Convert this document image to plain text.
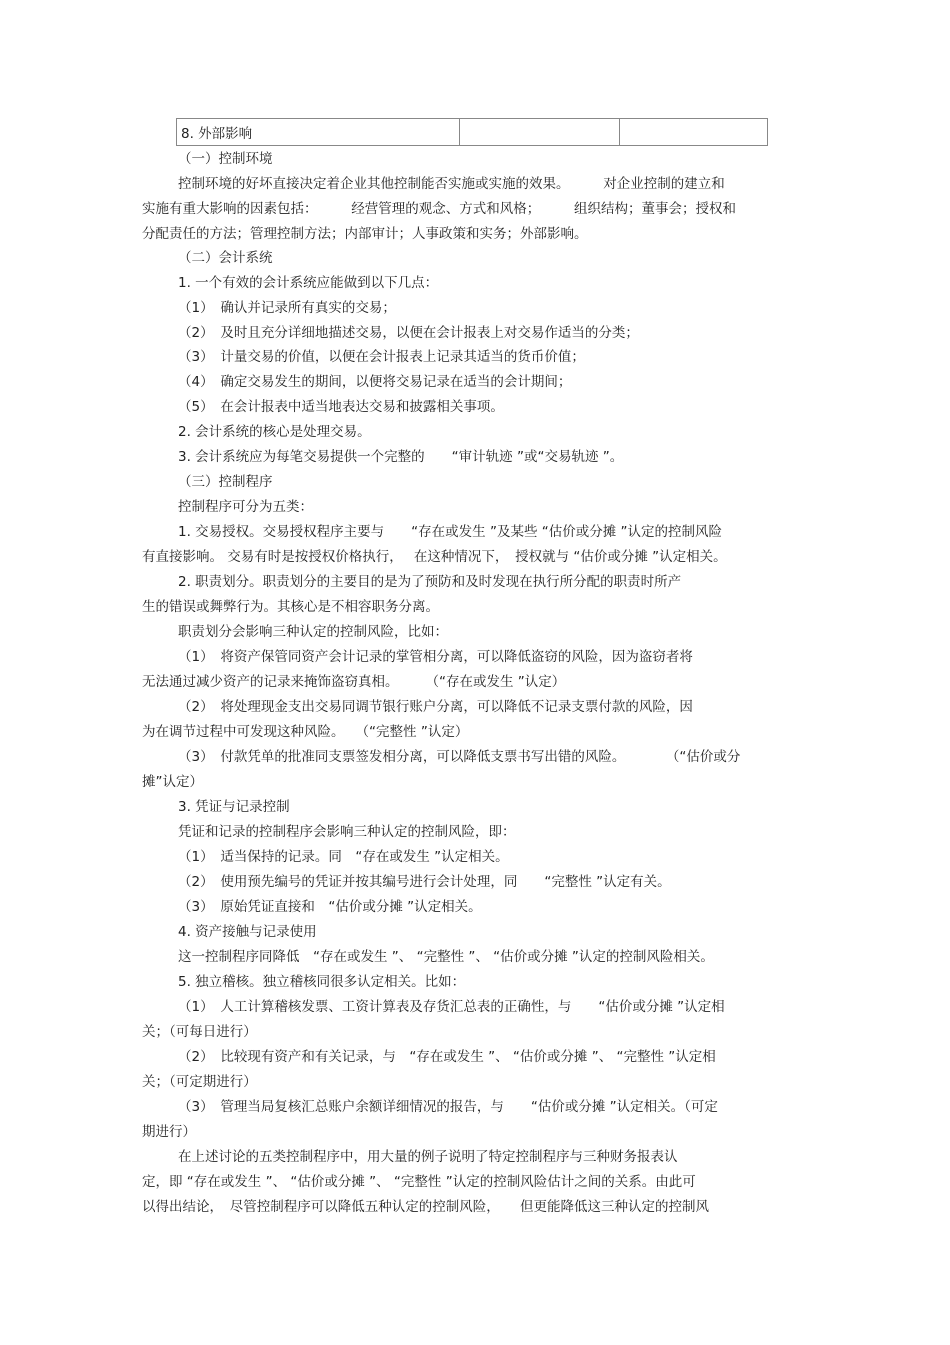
8. 外部影响		
（一）控制环境
控制环境的好坏直接决定着企业其他控制能否实施或实施的效果。　　　对企业控制的建立和
实施有重大影响的因素包括：　　　经营管理的观念、方式和风格；　　　组织结构；董事会；授权和
分配责任的方法；管理控制方法；内部审计；人事政策和实务；外部影响。
（二）会计系统
1. 一个有效的会计系统应能做到以下几点：
（1）　确认并记录所有真实的交易；
（2）　及时且充分详细地描述交易，以便在会计报表上对交易作适当的分类；
（3）　计量交易的价值，以便在会计报表上记录其适当的货币价值；
（4）　确定交易发生的期间，以便将交易记录在适当的会计期间；
（5）　在会计报表中适当地表达交易和披露相关事项。
2. 会计系统的核心是处理交易。
3. 会计系统应为每笔交易提供一个完整的　　“审计轨迹 ”或“交易轨迹 ”。
（三）控制程序
控制程序可分为五类：
1. 交易授权。交易授权程序主要与　　“存在或发生 ”及某些 “估价或分摊 ”认定的控制风险
有直接影响。 交易有时是按授权价格执行，　 在这种情况下，　授权就与 “估价或分摊 ”认定相关。
2. 职责划分。职责划分的主要目的是为了预防和及时发现在执行所分配的职责时所产
生的错误或舞弊行为。其核心是不相容职务分离。
职责划分会影响三种认定的控制风险，比如：
（1）　将资产保管同资产会计记录的掌管相分离，可以降低盗窃的风险，因为盗窃者将
无法通过减少资产的记录来掩饰盗窃真相。　　　（“存在或发生 ”认定）
（2）　将处理现金支出交易同调节银行账户分离，可以降低不记录支票付款的风险，因
为在调节过程中可发现这种风险。　 （“完整性 ”认定）
（3）　付款凭单的批准同支票签发相分离，可以降低支票书写出错的风险。　　　　（“估价或分
摊”认定）
3. 凭证与记录控制
凭证和记录的控制程序会影响三种认定的控制风险，即：
（1）　适当保持的记录。同　“存在或发生 ”认定相关。
（2）　使用预先编号的凭证并按其编号进行会计处理，同　　“完整性 ”认定有关。
（3）　原始凭证直接和　“估价或分摊 ”认定相关。
4. 资产接触与记录使用
这一控制程序同降低　“存在或发生 ”、 “完整性 ”、 “估价或分摊 ”认定的控制风险相关。
5. 独立稽核。独立稽核同很多认定相关。比如：
（1）　人工计算稽核发票、工资计算表及存货汇总表的正确性，与　　“估价或分摊 ”认定相
关；（可每日进行）
（2）　比较现有资产和有关记录，与　“存在或发生 ”、 “估价或分摊 ”、 “完整性 ”认定相
关；（可定期进行）
（3）　管理当局复核汇总账户余额详细情况的报告，与　　“估价或分摊 ”认定相关。（可定
期进行）
在上述讨论的五类控制程序中，用大量的例子说明了特定控制程序与三种财务报表认
定，即 “存在或发生 ”、 “估价或分摊 ”、 “完整性 ”认定的控制风险估计之间的关系。由此可
以得出结论，　尽管控制程序可以降低五种认定的控制风险，　　但更能降低这三种认定的控制风
